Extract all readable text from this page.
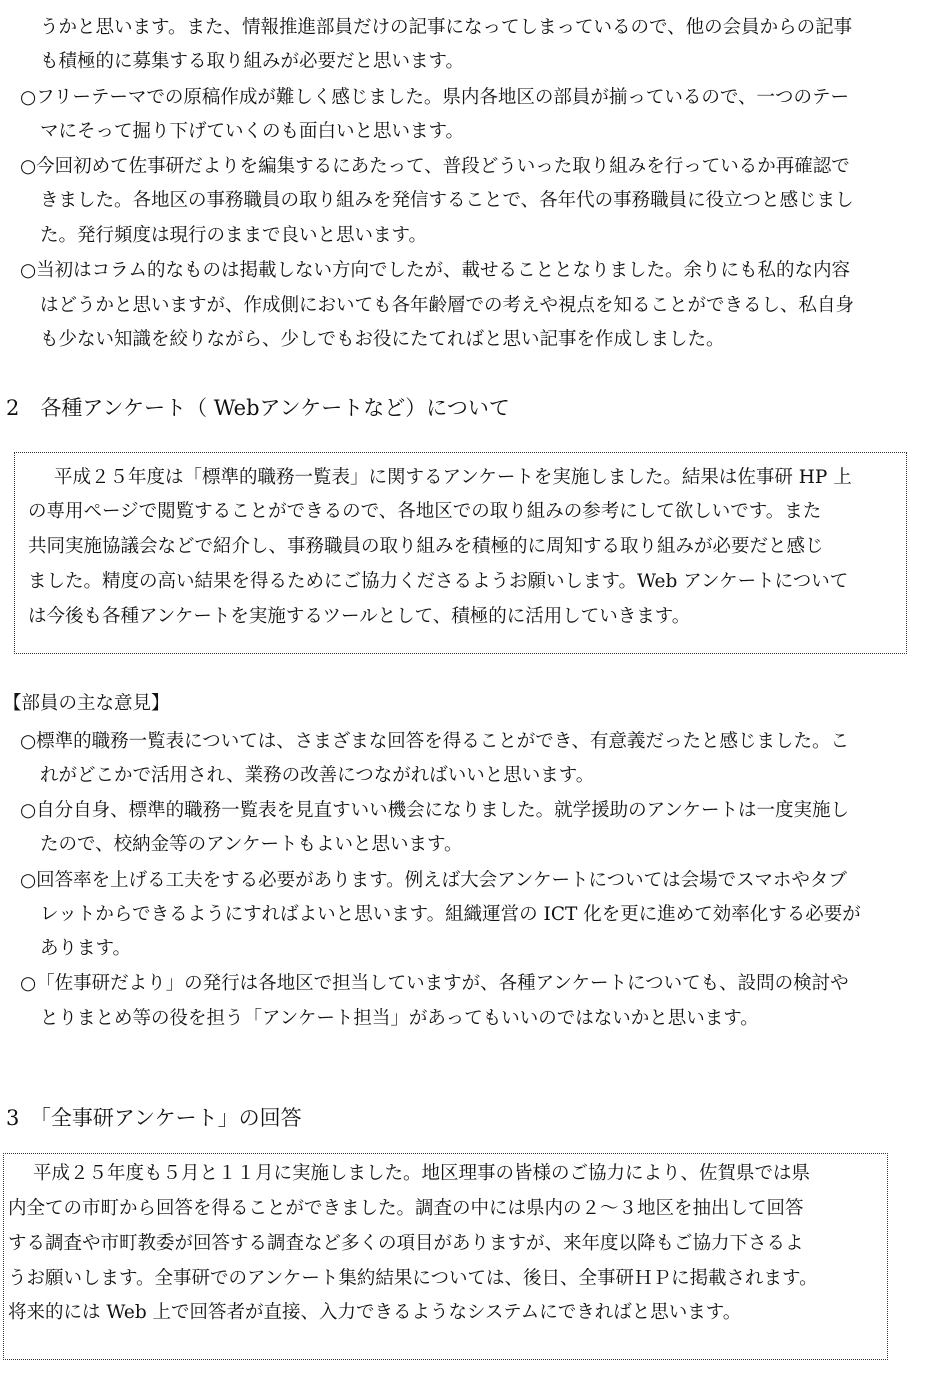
うかと思います。また、情報推進部員だけの記事になってしまっているので、他の会員からの記事
も積極的に募集する取り組みが必要だと思います。
○フリーテーマでの原稿作成が難しく感じました。県内各地区の部員が揃っているので、一つのテー
マにそって掘り下げていくのも面白いと思います。
○今回初めて佐事研だよりを編集するにあたって、普段どういった取り組みを行っているか再確認で
きました。各地区の事務職員の取り組みを発信することで、各年代の事務職員に役立つと感じまし
た。発行頻度は現行のままで良いと思います。
○当初はコラム的なものは掲載しない方向でしたが、載せることとなりました。余りにも私的な内容
はどうかと思いますが、作成側においても各年齢層での考えや視点を知ることができるし、私自身
も少ない知識を絞りながら、少しでもお役にたてればと思い記事を作成しました。
2　各種アンケート（ Webアンケートなど）について
平成２５年度は「標準的職務一覧表」に関するアンケートを実施しました。結果は佐事研 HP 上
の専用ページで閲覧することができるので、各地区での取り組みの参考にして欲しいです。また
共同実施協議会などで紹介し、事務職員の取り組みを積極的に周知する取り組みが必要だと感じ
ました。精度の高い結果を得るためにご協力くださるようお願いします。Web アンケートについて
は今後も各種アンケートを実施するツールとして、積極的に活用していきます。
【部員の主な意見】
○標準的職務一覧表については、さまざまな回答を得ることができ、有意義だったと感じました。こ
れがどこかで活用され、業務の改善につながればいいと思います。
○自分自身、標準的職務一覧表を見直すいい機会になりました。就学援助のアンケートは一度実施し
たので、校納金等のアンケートもよいと思います。
○回答率を上げる工夫をする必要があります。例えば大会アンケートについては会場でスマホやタブ
レットからできるようにすればよいと思います。組織運営の ICT 化を更に進めて効率化する必要が
あります。
○「佐事研だより」の発行は各地区で担当していますが、各種アンケートについても、設問の検討や
とりまとめ等の役を担う「アンケート担当」があってもいいのではないかと思います。
3　「全事研アンケート」の回答
平成２５年度も５月と１１月に実施しました。地区理事の皆様のご協力により、佐賀県では県
内全ての市町から回答を得ることができました。調査の中には県内の２～３地区を抽出して回答
する調査や市町教委が回答する調査など多くの項目がありますが、来年度以降もご協力下さるよ
うお願いします。全事研でのアンケート集約結果については、後日、全事研ＨＰに掲載されます。
将来的には Web 上で回答者が直接、入力できるようなシステムにできればと思います。
